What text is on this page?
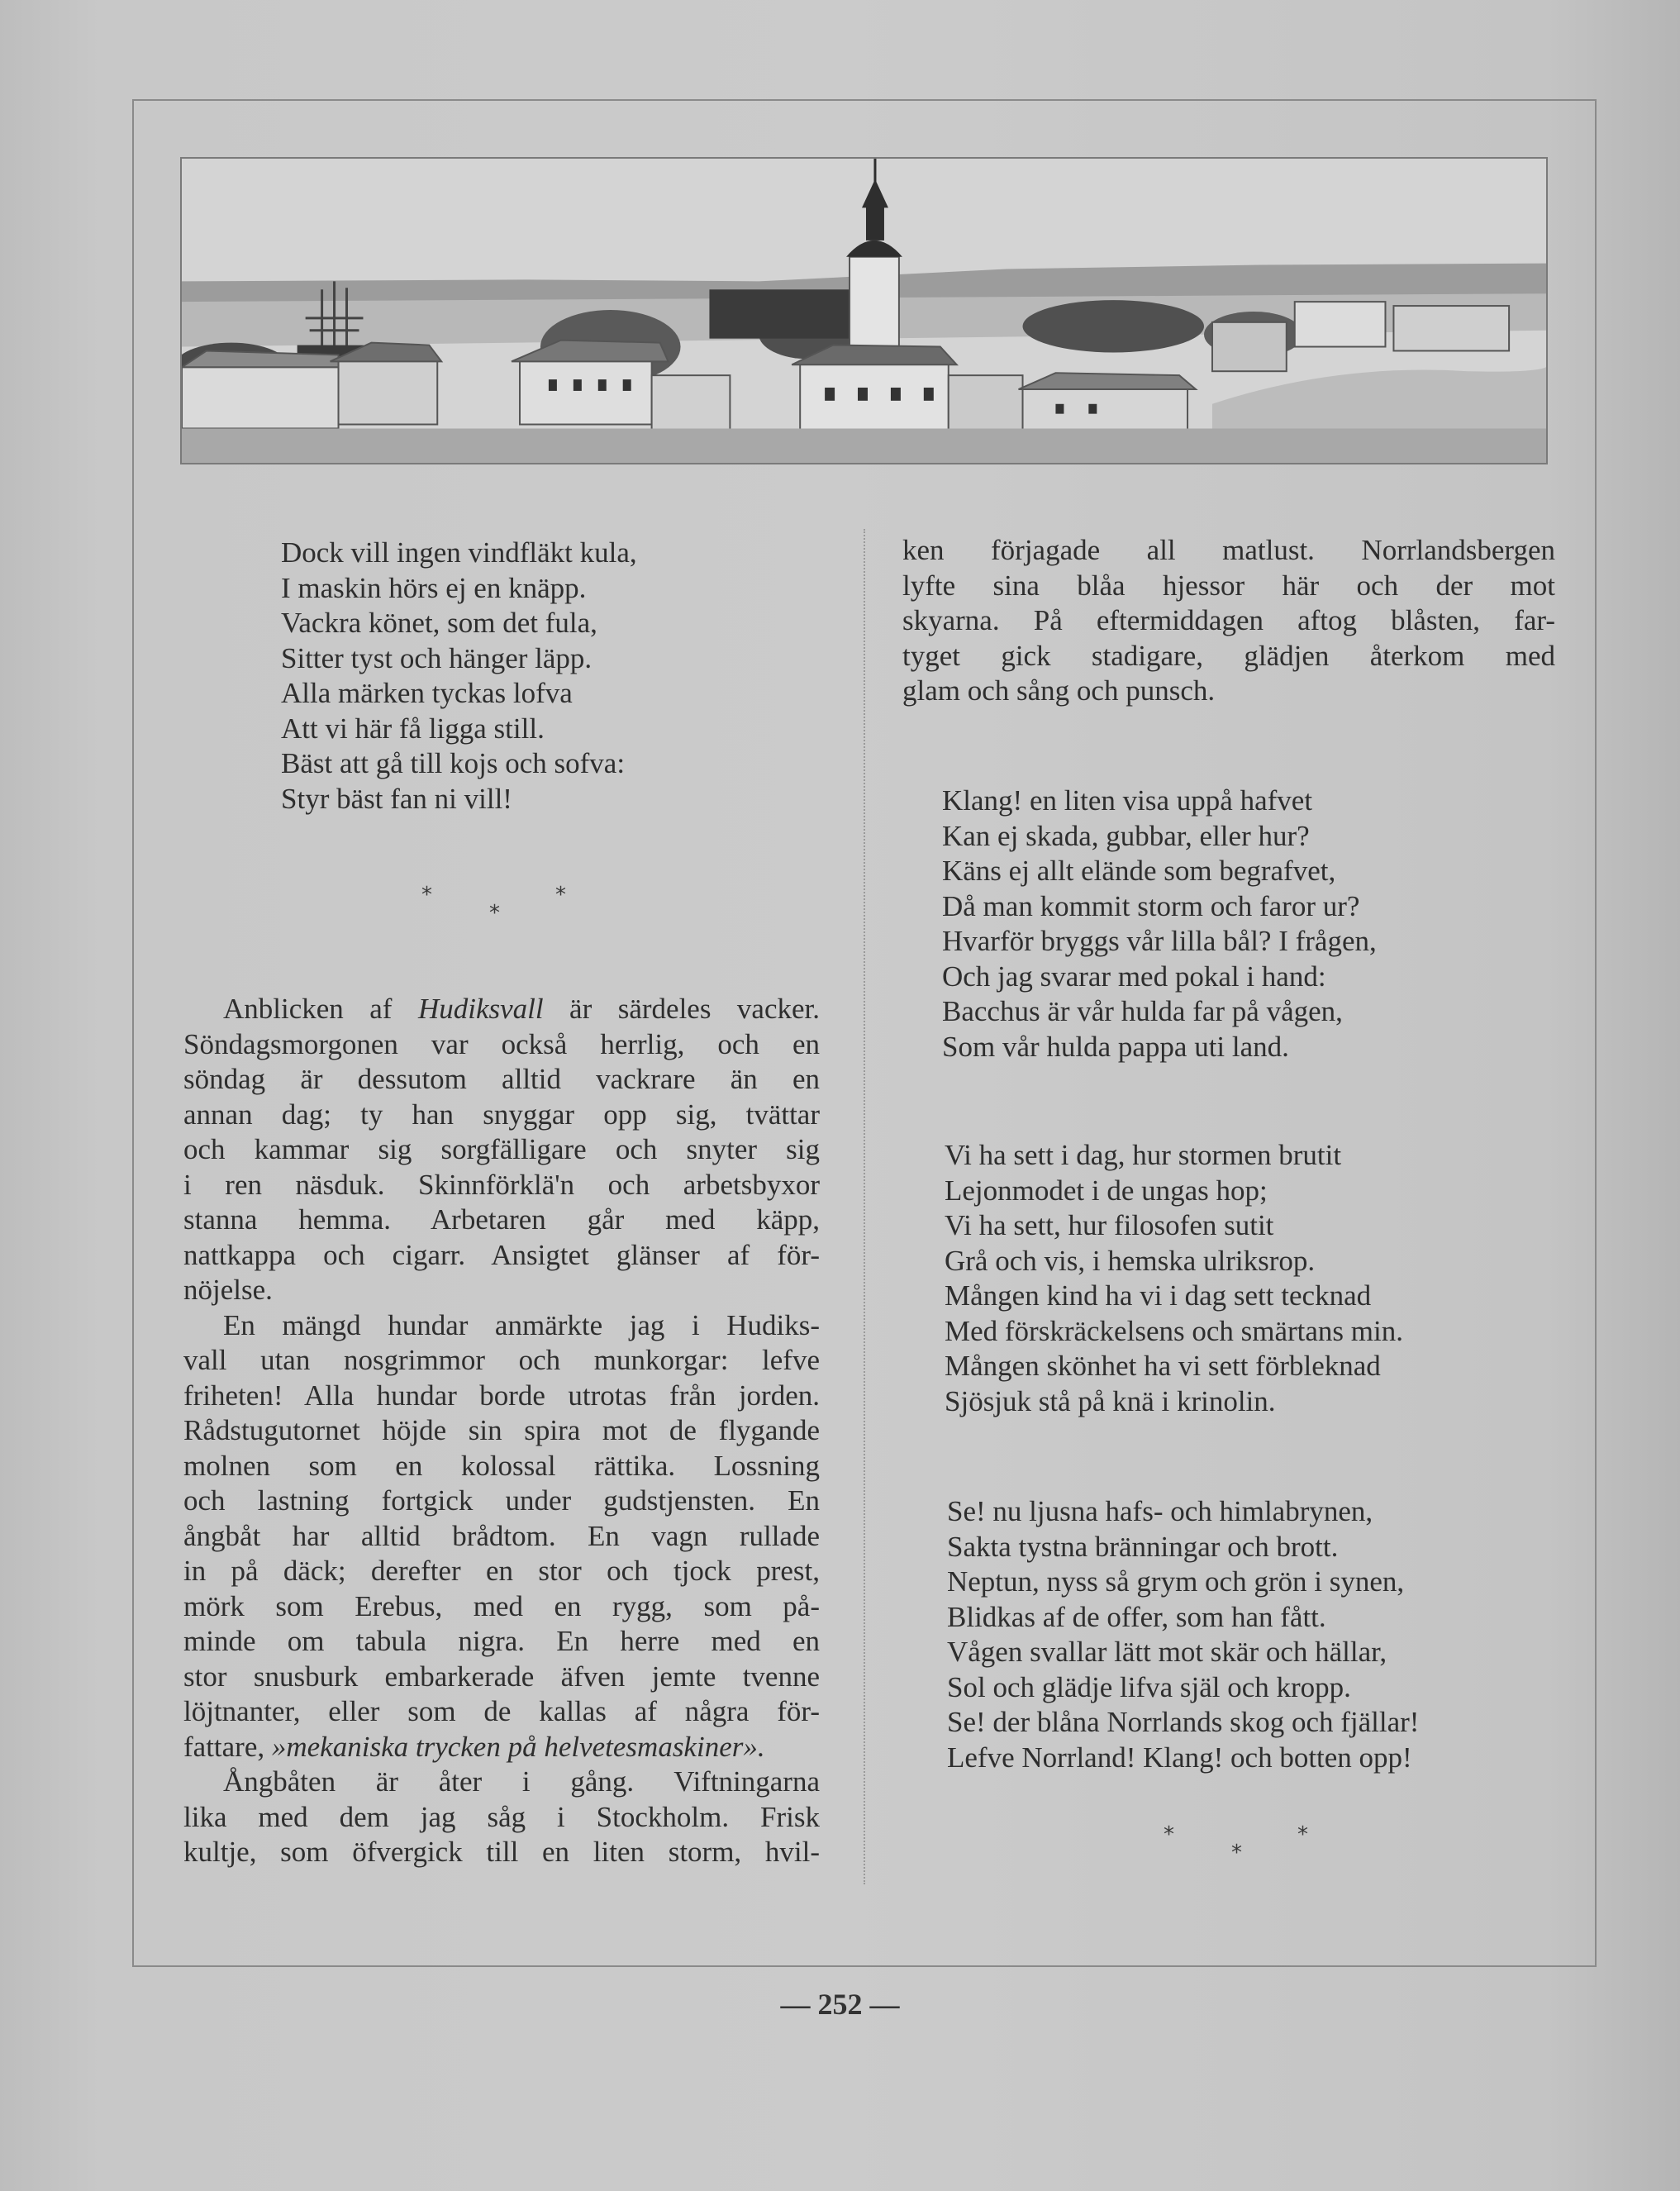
Dock vill ingen vindfläkt kula,

I maskin hörs ej en knäpp.

Vackra könet, som det fula,

Sitter tyst och hänger läpp.

Alla märken tyckas lofva

Att vi här få ligga still.

Bäst att gå till kojs och sofva:

Styr bäst fan ni vill!

*
*
*

Anblicken af Hudiksvall är särdeles vacker.

Söndagsmorgonen var också herrlig, och en

söndag är dessutom alltid vackrare än en

annan dag; ty han snyggar opp sig, tvättar

och kammar sig sorgfälligare och snyter sig

i ren näsduk. Skinnförklä'n och arbetsbyxor

stanna hemma. Arbetaren går med käpp,

nattkappa och cigarr. Ansigtet glänser af för-

nöjelse.

En mängd hundar anmärkte jag i Hudiks-

vall utan nosgrimmor och munkorgar: lefve

friheten! Alla hundar borde utrotas från jorden.

Rådstugutornet höjde sin spira mot de flygande

molnen som en kolossal rättika. Lossning

och lastning fortgick under gudstjensten. En

ångbåt har alltid brådtom. En vagn rullade

in på däck; derefter en stor och tjock prest,

mörk som Erebus, med en rygg, som på-

minde om tabula nigra. En herre med en

stor snusburk embarkerade äfven jemte tvenne

löjtnanter, eller som de kallas af några för-

fattare, »mekaniska trycken på helvetesmaskiner».

Ångbåten är åter i gång. Viftningarna

lika med dem jag såg i Stockholm. Frisk

kultje, som öfvergick till en liten storm, hvil-

ken förjagade all matlust. Norrlandsbergen

lyfte sina blåa hjessor här och der mot

skyarna. På eftermiddagen aftog blåsten, far-

tyget gick stadigare, glädjen återkom med

glam och sång och punsch.

Klang! en liten visa uppå hafvet

Kan ej skada, gubbar, eller hur?

Käns ej allt elände som begrafvet,

Då man kommit storm och faror ur?

Hvarför bryggs vår lilla bål? I frågen,

Och jag svarar med pokal i hand:

Bacchus är vår hulda far på vågen,

Som vår hulda pappa uti land.

Vi ha sett i dag, hur stormen brutit

Lejonmodet i de ungas hop;

Vi ha sett, hur filosofen sutit

Grå och vis, i hemska ulriksrop.

Mången kind ha vi i dag sett tecknad

Med förskräckelsens och smärtans min.

Mången skönhet ha vi sett förbleknad

Sjösjuk stå på knä i krinolin.

Se! nu ljusna hafs- och himlabrynen,

Sakta tystna bränningar och brott.

Neptun, nyss så grym och grön i synen,

Blidkas af de offer, som han fått.

Vågen svallar lätt mot skär och hällar,

Sol och glädje lifva själ och kropp.

Se! der blåna Norrlands skog och fjällar!

Lefve Norrland! Klang! och botten opp!

*
*
*
— 252 —
